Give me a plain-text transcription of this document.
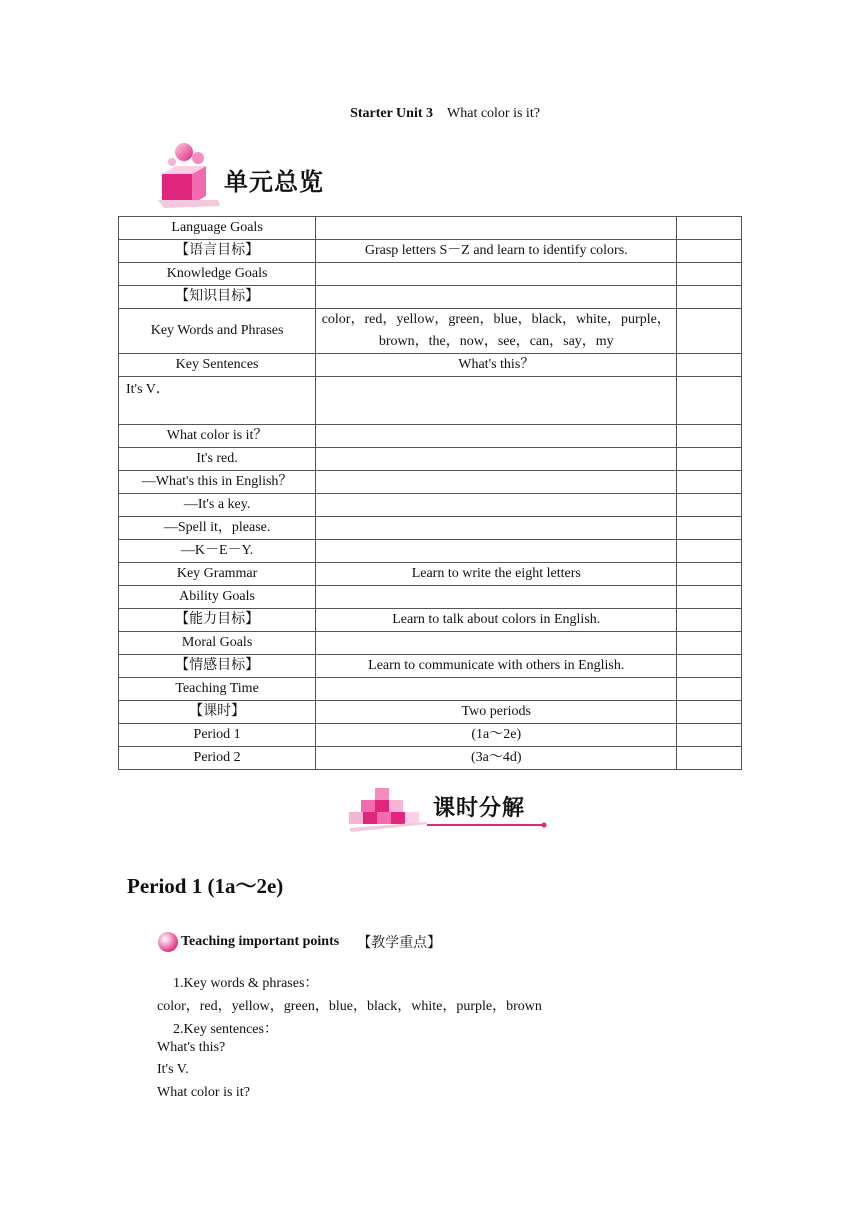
Starter Unit 3 What color is it?
单元总览
Language Goals		
【语言目标】	Grasp letters S－Z and learn to identify colors.	
Knowledge Goals		
【知识目标】		
Key Words and Phrases	color，red，yellow，green，blue，black，white，purple，brown，the，now，see，can，say，my	
Key Sentences	What's this？	
It's V．		
What color is it？		
It's red.		
—What's this in English？		
—It's a key.		
—Spell it，please.		
—K－E－Y.		
Key Grammar	Learn to write the eight letters	
Ability Goals		
【能力目标】	Learn to talk about colors in English.	
Moral Goals		
【情感目标】	Learn to communicate with others in English.	
Teaching Time		
【课时】	Two periods	
Period 1	(1a～2e)	
Period 2	(3a～4d)	
课时分解
Period 1 (1a～2e)
Teaching important points 【教学重点】
1.Key words & phrases：
color，red，yellow，green，blue，black，white，purple，brown
2.Key sentences：
What's this?
It's V.
What color is it?
